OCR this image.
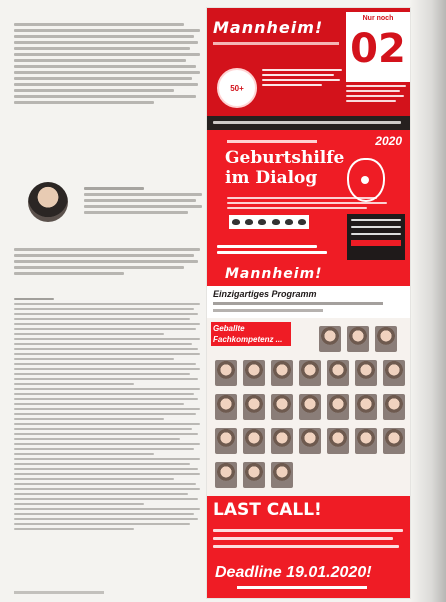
Mannheim!
50+
Nur noch
02
2020
Geburtshilfe
im Dialog
Mannheim!
Einzigartiges Programm
Geballte Fachkompetenz ...
LAST CALL!
Deadline 19.01.2020!
